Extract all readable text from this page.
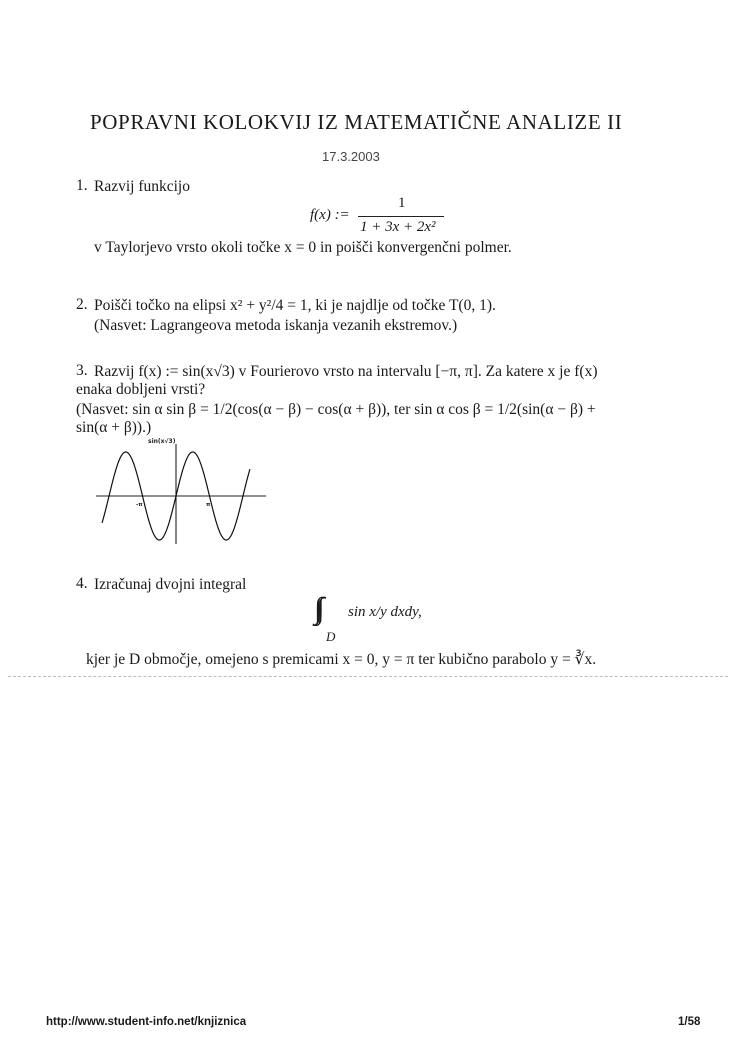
POPRAVNI KOLOKVIJ IZ MATEMATIČNE ANALIZE II
17.3.2003
1. Razvij funkcijo
f(x) :=
1
1 + 3x + 2x²
v Taylorjevo vrsto okoli točke x = 0 in poišči konvergenčni polmer.
2. Poišči točko na elipsi x² + y²/4 = 1, ki je najdlje od točke T(0, 1).
(Nasvet: Lagrangeova metoda iskanja vezanih ekstremov.)
3. Razvij f(x) := sin(x√3) v Fourierovo vrsto na intervalu [−π, π]. Za katere x je f(x)
enaka dobljeni vrsti?
(Nasvet: sin α sin β = 1/2(cos(α − β) − cos(α + β)), ter sin α cos β = 1/2(sin(α − β) +
sin(α + β)).)
sin(x√3)
-π	π
4. Izračunaj dvojni integral
∫∫ sin x/y dxdy,
D
kjer je D območje, omejeno s premicami x = 0, y = π ter kubično parabolo y = ∛x.
http://www.student-info.net/knjiznica	1/58
